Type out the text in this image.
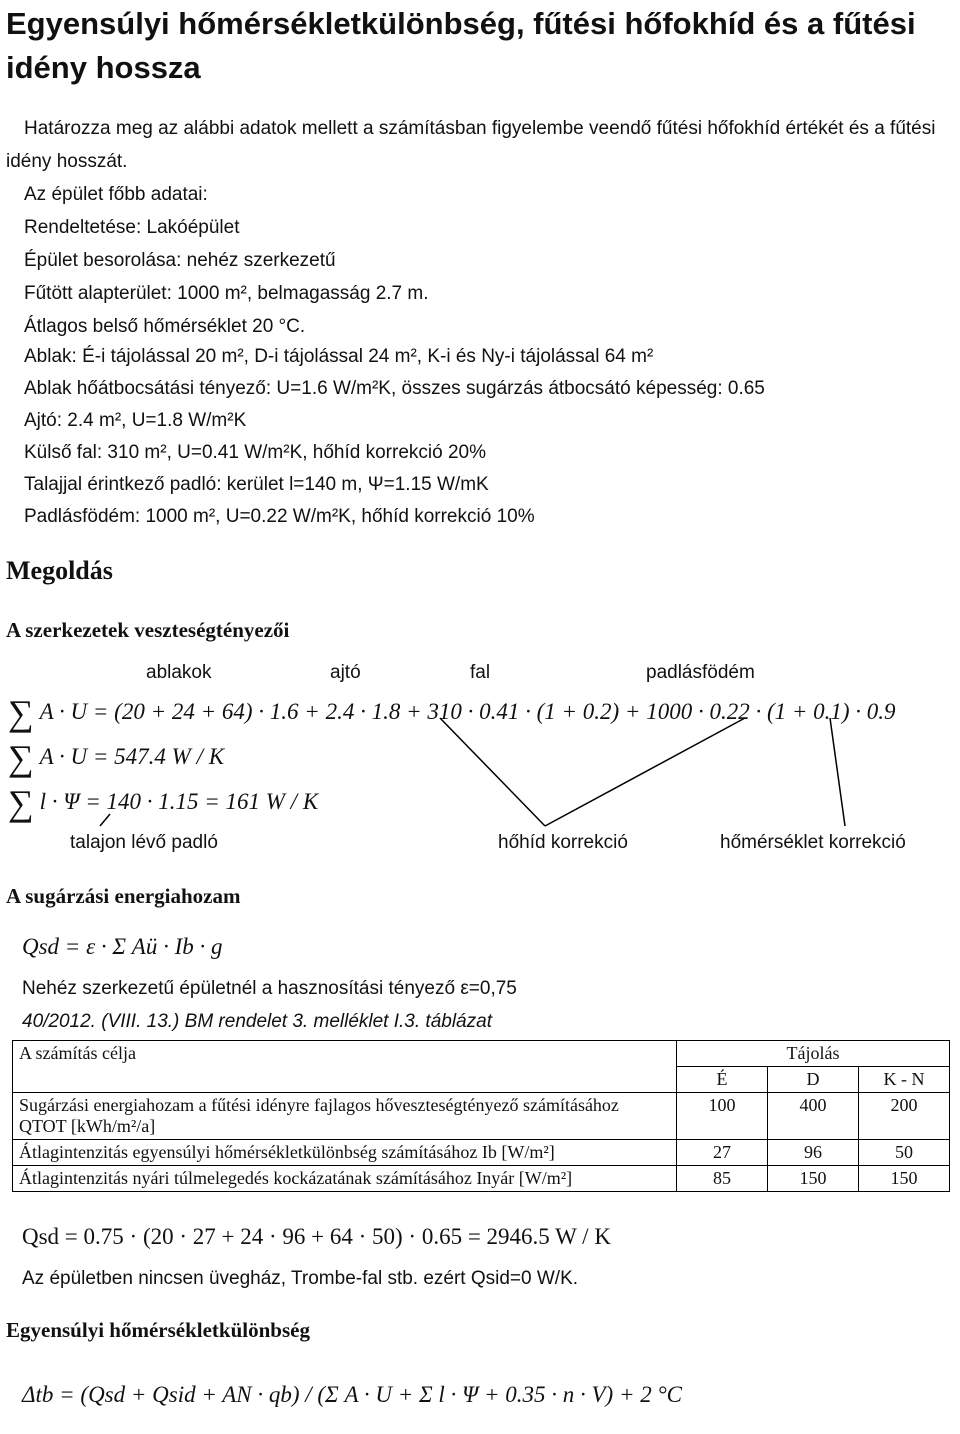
Egyensúlyi hőmérsékletkülönbség, fűtési hőfokhíd és a fűtési idény hossza
Határozza meg az alábbi adatok mellett a számításban figyelembe veendő fűtési hőfokhíd értékét és a fűtési idény hosszát.
Az épület főbb adatai:
Rendeltetése: Lakóépület
Épület besorolása: nehéz szerkezetű
Fűtött alapterület: 1000 m², belmagasság 2.7 m.
Átlagos belső hőmérséklet 20 °C.
Ablak: É-i tájolással 20 m², D-i tájolással 24 m², K-i és Ny-i tájolással 64 m²
Ablak hőátbocsátási tényező: U=1.6 W/m²K, összes sugárzás átbocsátó képesség: 0.65
Ajtó: 2.4 m², U=1.8 W/m²K
Külső fal: 310 m², U=0.41 W/m²K, hőhíd korrekció 20%
Talajjal érintkező padló: kerület l=140 m, Ψ=1.15 W/mK
Padlásfödém: 1000 m², U=0.22 W/m²K, hőhíd korrekció 10%
Megoldás
A szerkezetek veszteségtényezői
ablakok	ajtó	fal	padlásfödém
∑ A · U = (20 + 24 + 64) · 1.6 + 2.4 · 1.8 + 310 · 0.41 · (1 + 0.2) + 1000 · 0.22 · (1 + 0.1) · 0.9
∑ A · U = 547.4 W / K
∑ l · Ψ = 140 · 1.15 = 161 W / K
talajon lévő padló	hőhíd korrekció	hőmérséklet korrekció
A sugárzási energiahozam
Qsd = ε · Σ Aü · Ib · g
Nehéz szerkezetű épületnél a hasznosítási tényező ε=0,75
40/2012. (VIII. 13.) BM rendelet 3. melléklet I.3. táblázat
A számítás célja	Tájolás		
	É	D	K - N
Sugárzási energiahozam a fűtési idényre fajlagos hőveszteségtényező számításához QTOT [kWh/m²/a]	100	400	200
Átlagintenzitás egyensúlyi hőmérsékletkülönbség számításához Ib [W/m²]	27	96	50
Átlagintenzitás nyári túlmelegedés kockázatának számításához Inyár [W/m²]	85	150	150
Qsd = 0.75 · (20 · 27 + 24 · 96 + 64 · 50) · 0.65 = 2946.5 W / K
Az épületben nincsen üvegház, Trombe-fal stb. ezért Qsid=0 W/K.
Egyensúlyi hőmérsékletkülönbség
Δtb = (Qsd + Qsid + AN · qb) / (Σ A · U + Σ l · Ψ + 0.35 · n · V) + 2 °C
